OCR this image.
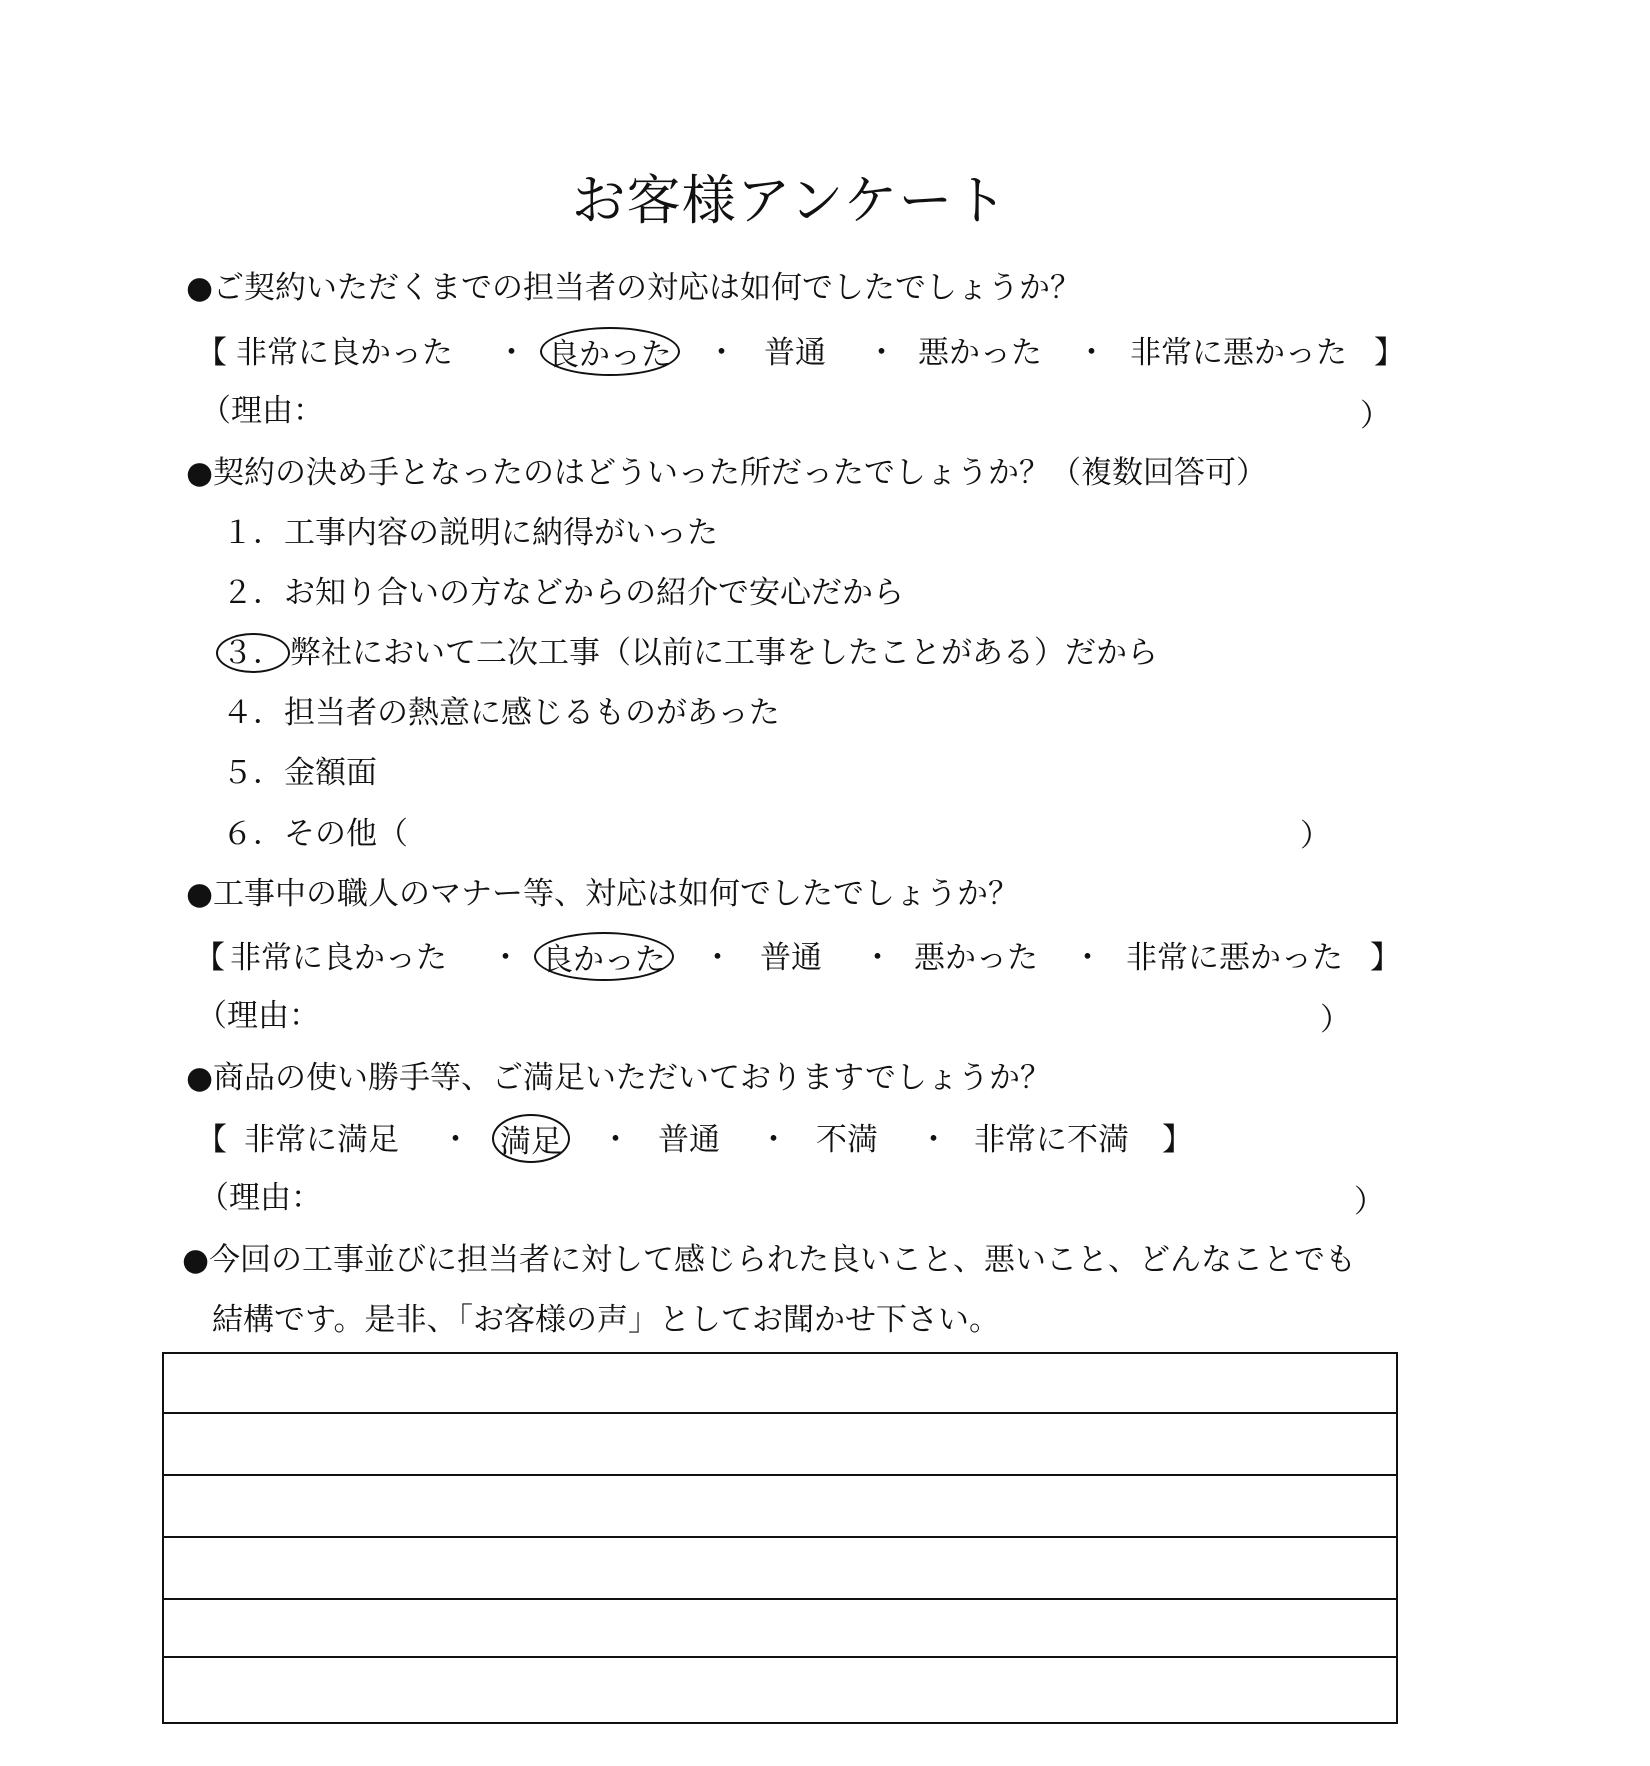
お客様アンケート
●ご契約いただくまでの担当者の対応は如何でしたでしょうか？
【 非常に良かった ・ 良かった ・ 普通 ・ 悪かった ・ 非常に悪かった 】
（理由：	）
●契約の決め手となったのはどういった所だったでしょうか？（複数回答可）
１．工事内容の説明に納得がいった
２．お知り合いの方などからの紹介で安心だから
３． 弊社において二次工事（以前に工事をしたことがある）だから
４．担当者の熱意に感じるものがあった
５．金額面
６．その他（	）
●工事中の職人のマナー等、対応は如何でしたでしょうか？
【 非常に良かった ・ 良かった ・ 普通 ・ 悪かった ・ 非常に悪かった 】
（理由：	）
●商品の使い勝手等、ご満足いただいておりますでしょうか？
【 非常に満足 ・ 満足 ・ 普通 ・ 不満 ・ 非常に不満 】
（理由：	）
●今回の工事並びに担当者に対して感じられた良いこと、悪いこと、どんなことでも
結構です。是非、「お客様の声」としてお聞かせ下さい。
